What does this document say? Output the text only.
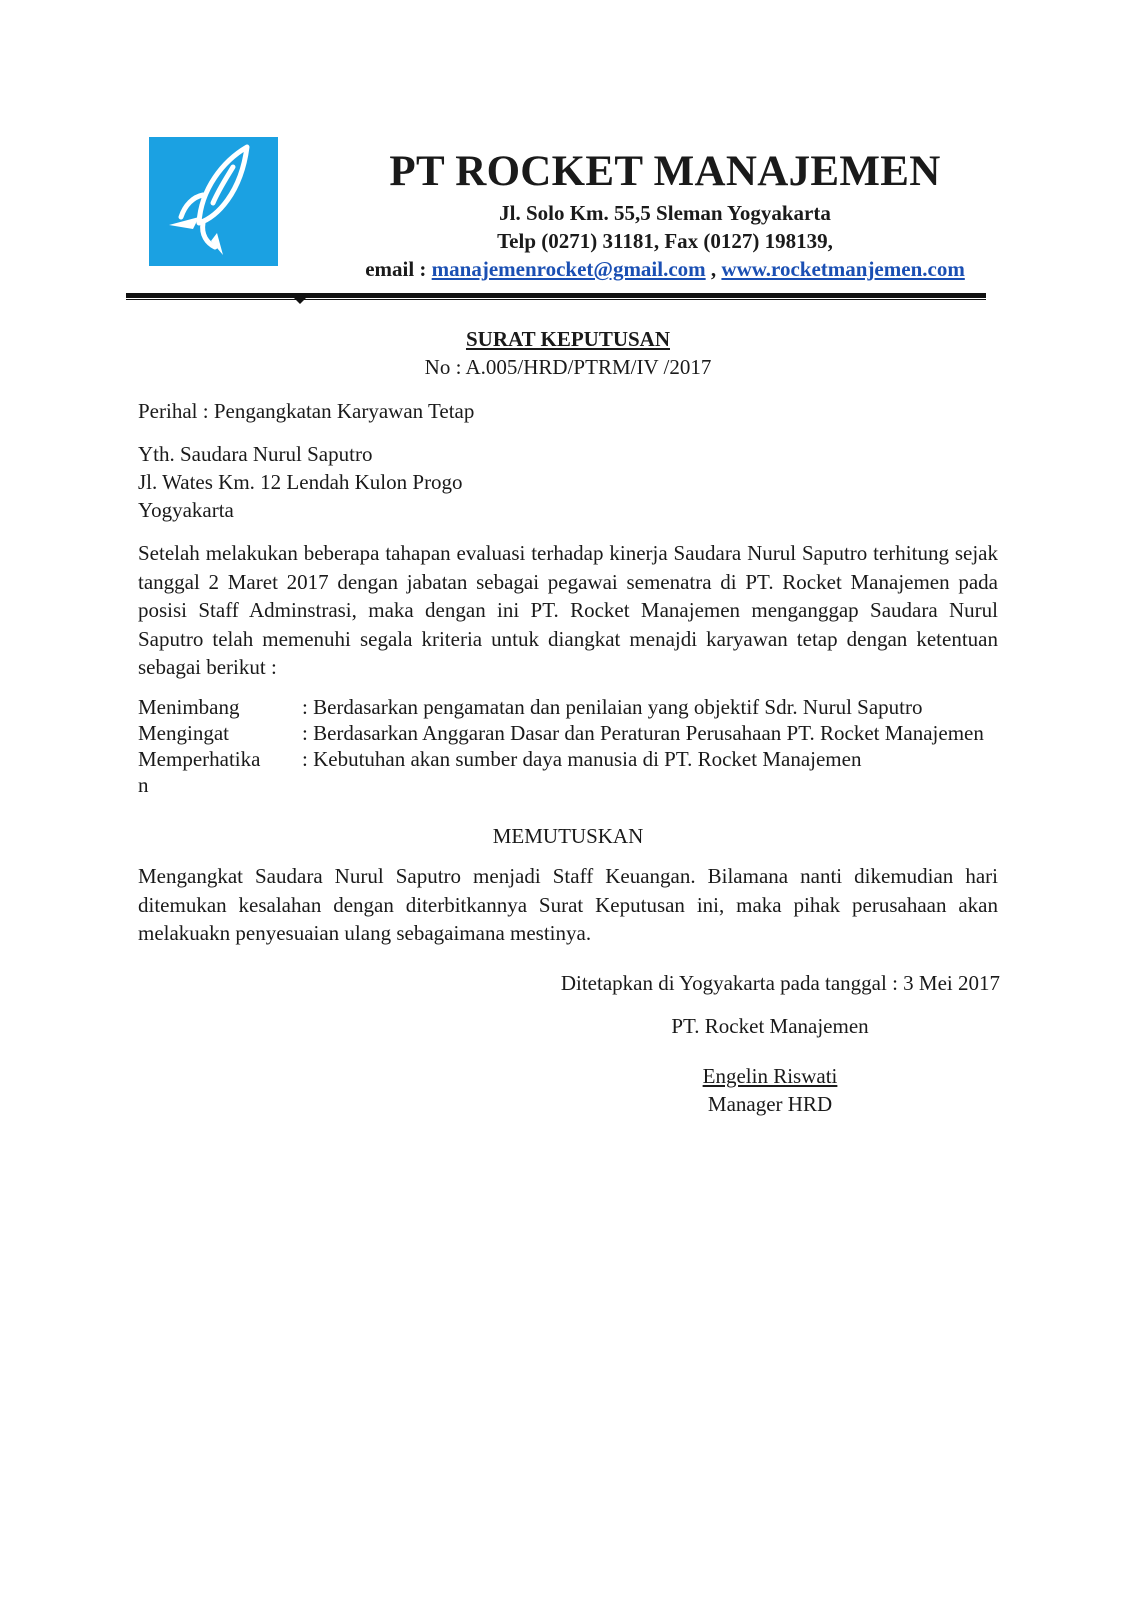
PT ROCKET MANAJEMEN
Jl. Solo Km. 55,5 Sleman Yogyakarta
Telp (0271) 31181, Fax (0127) 198139,
email : manajemenrocket@gmail.com , www.rocketmanjemen.com
SURAT KEPUTUSAN
No : A.005/HRD/PTRM/IV /2017
Perihal : Pengangkatan Karyawan Tetap
Yth. Saudara Nurul Saputro
Jl. Wates Km. 12 Lendah Kulon Progo
Yogyakarta
Setelah melakukan beberapa tahapan evaluasi terhadap kinerja Saudara Nurul Saputro terhitung sejak tanggal 2 Maret 2017 dengan jabatan sebagai pegawai semenatra di PT. Rocket Manajemen pada posisi Staff Adminstrasi, maka dengan ini PT. Rocket Manajemen menganggap Saudara Nurul Saputro telah memenuhi segala kriteria untuk diangkat menajdi karyawan tetap dengan ketentuan sebagai berikut :
Menimbang	: Berdasarkan pengamatan dan penilaian yang objektif Sdr. Nurul Saputro
Mengingat	: Berdasarkan Anggaran Dasar dan Peraturan Perusahaan PT. Rocket Manajemen
Memperhatika : Kebutuhan akan sumber daya manusia di PT. Rocket Manajemen
n
MEMUTUSKAN
Mengangkat Saudara Nurul Saputro menjadi Staff Keuangan. Bilamana nanti dikemudian hari ditemukan kesalahan dengan diterbitkannya Surat Keputusan ini, maka pihak perusahaan akan melakuakn penyesuaian ulang sebagaimana mestinya.
Ditetapkan di Yogyakarta pada tanggal : 3 Mei 2017
PT. Rocket Manajemen
Engelin Riswati
Manager HRD
